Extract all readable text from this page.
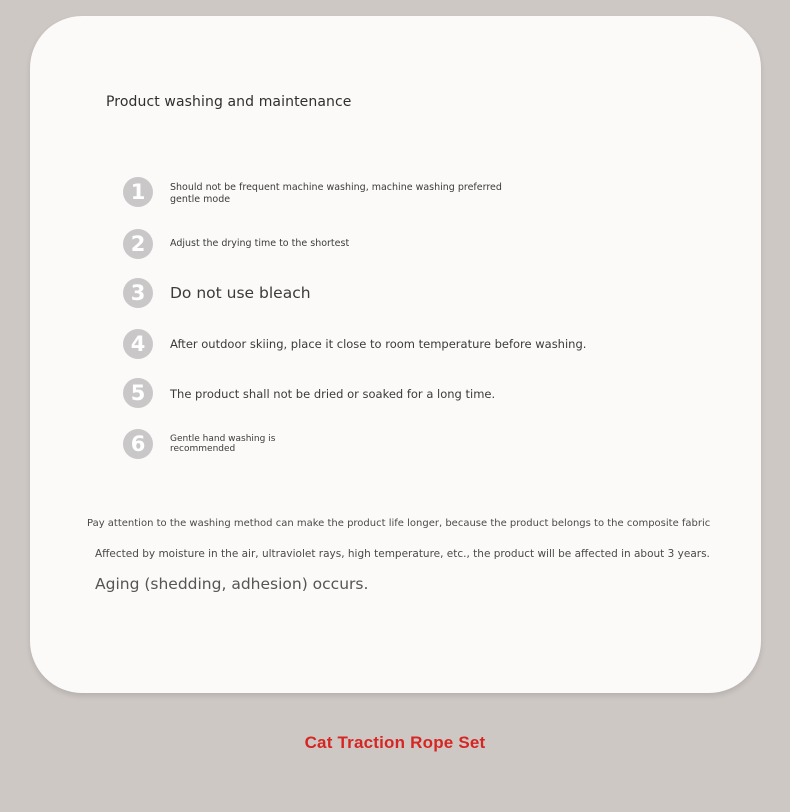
Product washing and maintenance
1	Should not be frequent machine washing, machine washing preferred gentle mode
2	Adjust the drying time to the shortest
3	Do not use bleach
4	After outdoor skiing, place it close to room temperature before washing.
5	The product shall not be dried or soaked for a long time.
6	Gentle hand washing is recommended
Pay attention to the washing method can make the product life longer, because the product belongs to the composite fabric
Affected by moisture in the air, ultraviolet rays, high temperature, etc., the product will be affected in about 3 years.
Aging (shedding, adhesion) occurs.
Cat Traction Rope Set
